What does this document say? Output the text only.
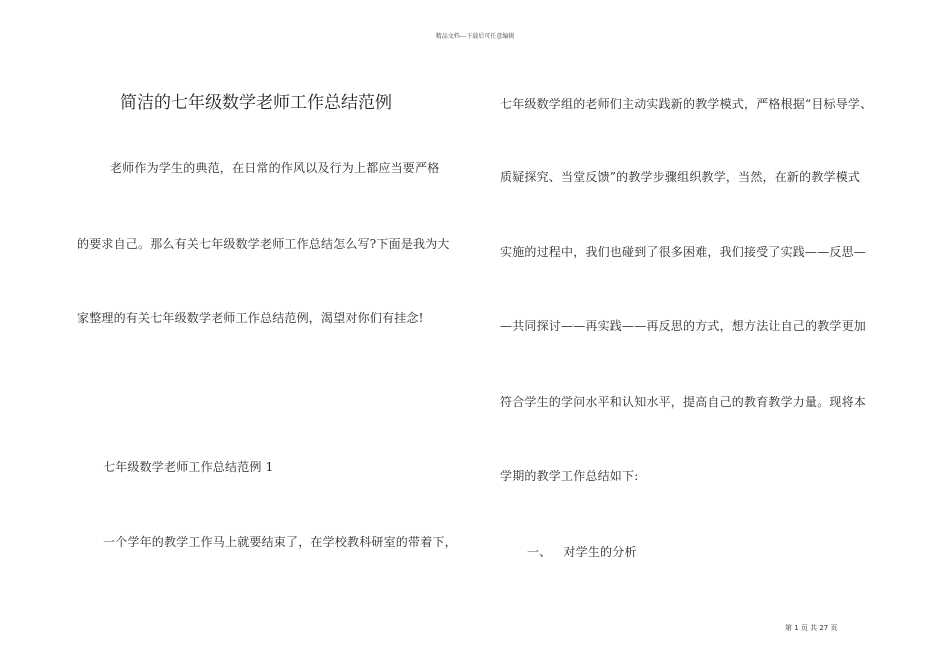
精品文档---下载后可任意编辑
简洁的七年级数学老师工作总结范例
老师作为学生的典范，在日常的作风以及行为上都应当要严格
的要求自己。那么有关七年级数学老师工作总结怎么写?下面是我为大
家整理的有关七年级数学老师工作总结范例，渴望对你们有挂念!
七年级数学老师工作总结范例 1
一个学年的教学工作马上就要结束了，在学校教科研室的带着下，
七年级数学组的老师们主动实践新的教学模式，严格根据“目标导学、
质疑探究、当堂反馈”的教学步骤组织教学，当然，在新的教学模式
实施的过程中，我们也碰到了很多困难，我们接受了实践——反思—
—共同探讨——再实践——再反思的方式，想方法让自己的教学更加
符合学生的学问水平和认知水平，提高自己的教育教学力量。现将本
学期的教学工作总结如下:
一、   对学生的分析
第 1 页 共 27 页
